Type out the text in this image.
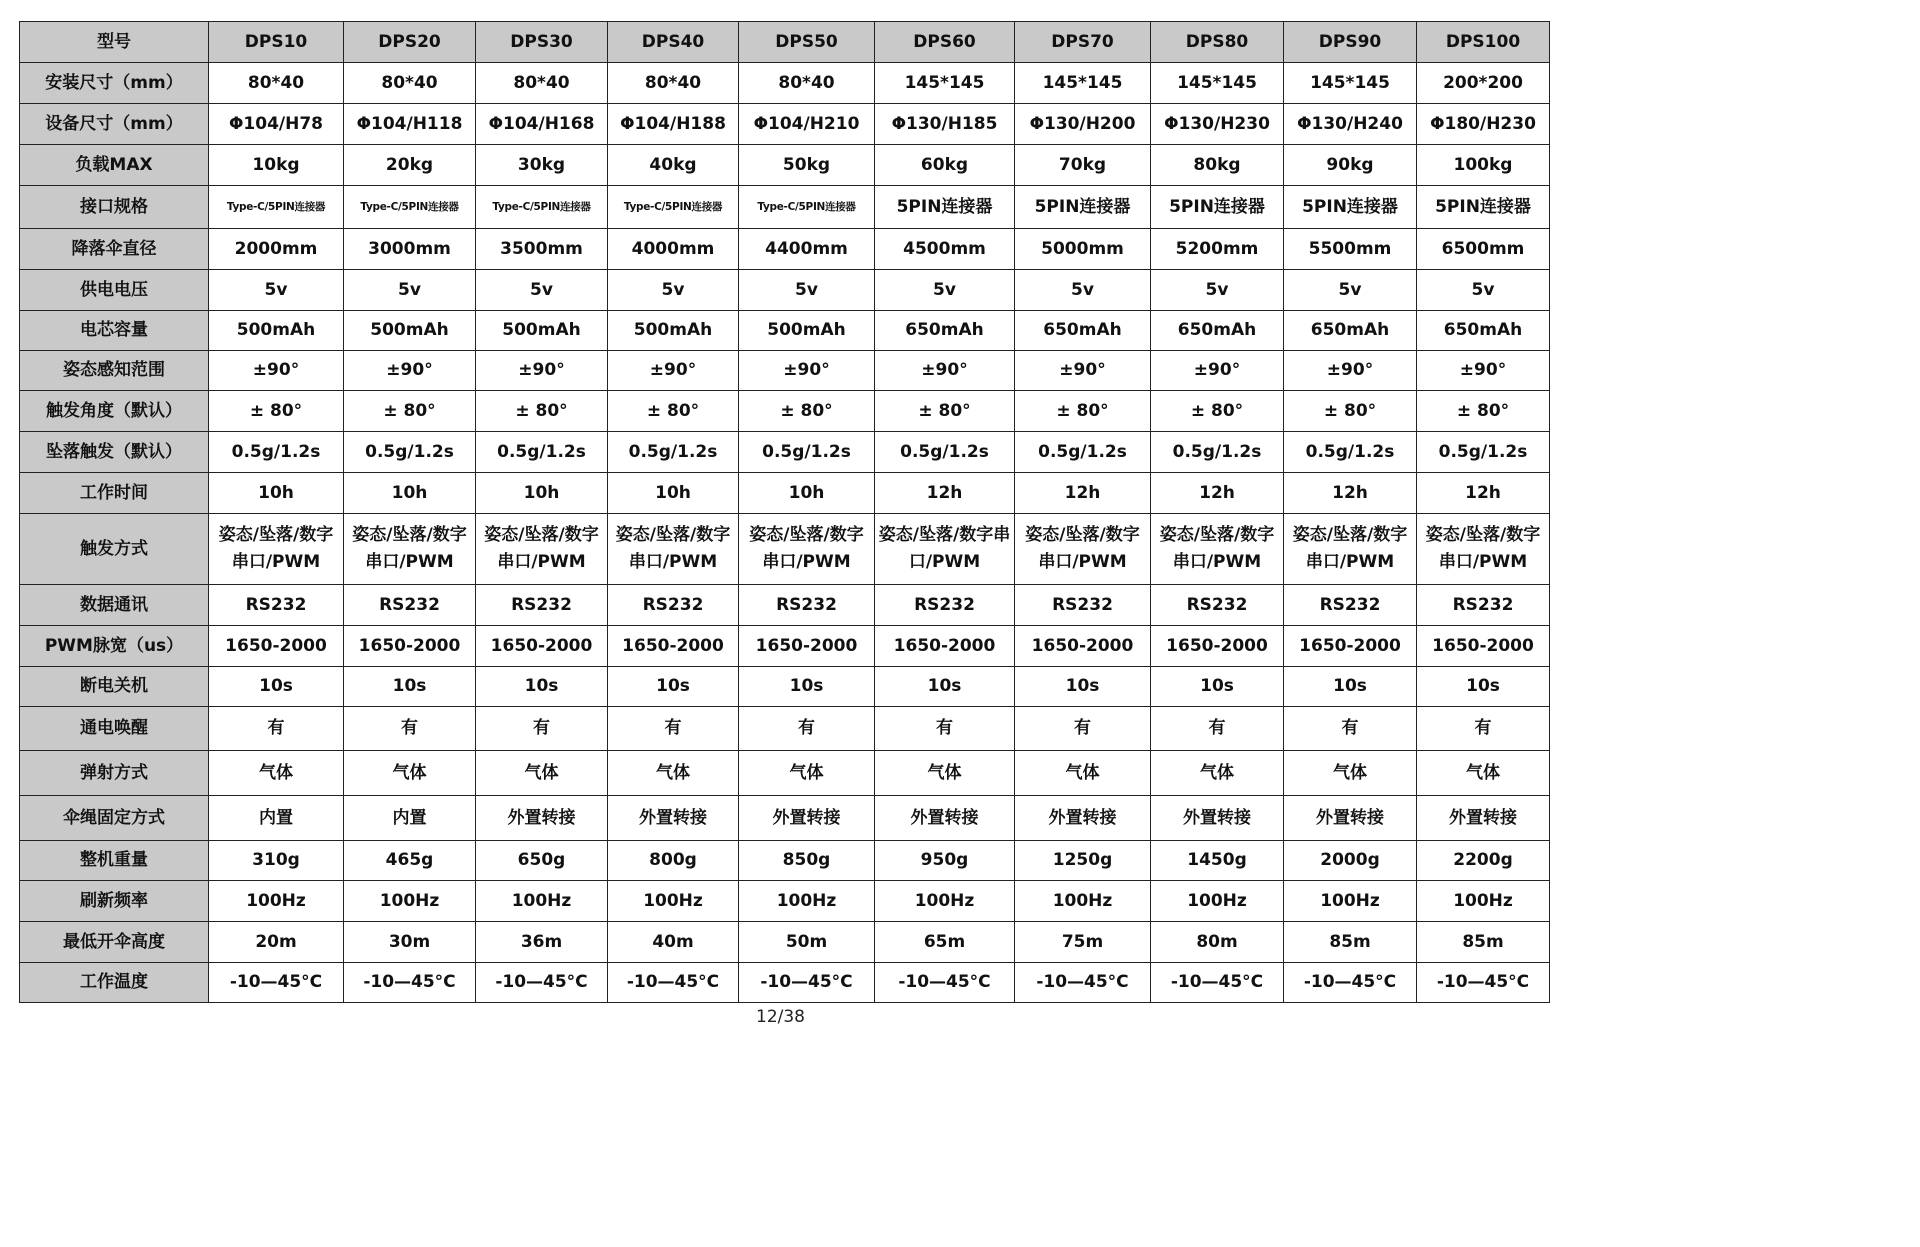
型号	DPS10	DPS20	DPS30	DPS40	DPS50	DPS60	DPS70	DPS80	DPS90	DPS100
安装尺寸（mm）	80*40	80*40	80*40	80*40	80*40	145*145	145*145	145*145	145*145	200*200
设备尺寸（mm）	Φ104/H78	Φ104/H118	Φ104/H168	Φ104/H188	Φ104/H210	Φ130/H185	Φ130/H200	Φ130/H230	Φ130/H240	Φ180/H230
负载MAX	10kg	20kg	30kg	40kg	50kg	60kg	70kg	80kg	90kg	100kg
接口规格	Type-C/5PIN连接器	Type-C/5PIN连接器	Type-C/5PIN连接器	Type-C/5PIN连接器	Type-C/5PIN连接器	5PIN连接器	5PIN连接器	5PIN连接器	5PIN连接器	5PIN连接器
降落伞直径	2000mm	3000mm	3500mm	4000mm	4400mm	4500mm	5000mm	5200mm	5500mm	6500mm
供电电压	5v	5v	5v	5v	5v	5v	5v	5v	5v	5v
电芯容量	500mAh	500mAh	500mAh	500mAh	500mAh	650mAh	650mAh	650mAh	650mAh	650mAh
姿态感知范围	±90°	±90°	±90°	±90°	±90°	±90°	±90°	±90°	±90°	±90°
触发角度（默认）	± 80°	± 80°	± 80°	± 80°	± 80°	± 80°	± 80°	± 80°	± 80°	± 80°
坠落触发（默认）	0.5g/1.2s	0.5g/1.2s	0.5g/1.2s	0.5g/1.2s	0.5g/1.2s	0.5g/1.2s	0.5g/1.2s	0.5g/1.2s	0.5g/1.2s	0.5g/1.2s
工作时间	10h	10h	10h	10h	10h	12h	12h	12h	12h	12h
触发方式	姿态/坠落/数字串口/PWM	姿态/坠落/数字串口/PWM	姿态/坠落/数字串口/PWM	姿态/坠落/数字串口/PWM	姿态/坠落/数字串口/PWM	姿态/坠落/数字串口/PWM	姿态/坠落/数字串口/PWM	姿态/坠落/数字串口/PWM	姿态/坠落/数字串口/PWM	姿态/坠落/数字串口/PWM
数据通讯	RS232	RS232	RS232	RS232	RS232	RS232	RS232	RS232	RS232	RS232
PWM脉宽（us）	1650-2000	1650-2000	1650-2000	1650-2000	1650-2000	1650-2000	1650-2000	1650-2000	1650-2000	1650-2000
断电关机	10s	10s	10s	10s	10s	10s	10s	10s	10s	10s
通电唤醒	有	有	有	有	有	有	有	有	有	有
弹射方式	气体	气体	气体	气体	气体	气体	气体	气体	气体	气体
伞绳固定方式	内置	内置	外置转接	外置转接	外置转接	外置转接	外置转接	外置转接	外置转接	外置转接
整机重量	310g	465g	650g	800g	850g	950g	1250g	1450g	2000g	2200g
刷新频率	100Hz	100Hz	100Hz	100Hz	100Hz	100Hz	100Hz	100Hz	100Hz	100Hz
最低开伞高度	20m	30m	36m	40m	50m	65m	75m	80m	85m	85m
工作温度	-10—45°C	-10—45°C	-10—45°C	-10—45°C	-10—45°C	-10—45°C	-10—45°C	-10—45°C	-10—45°C	-10—45°C
12/38
